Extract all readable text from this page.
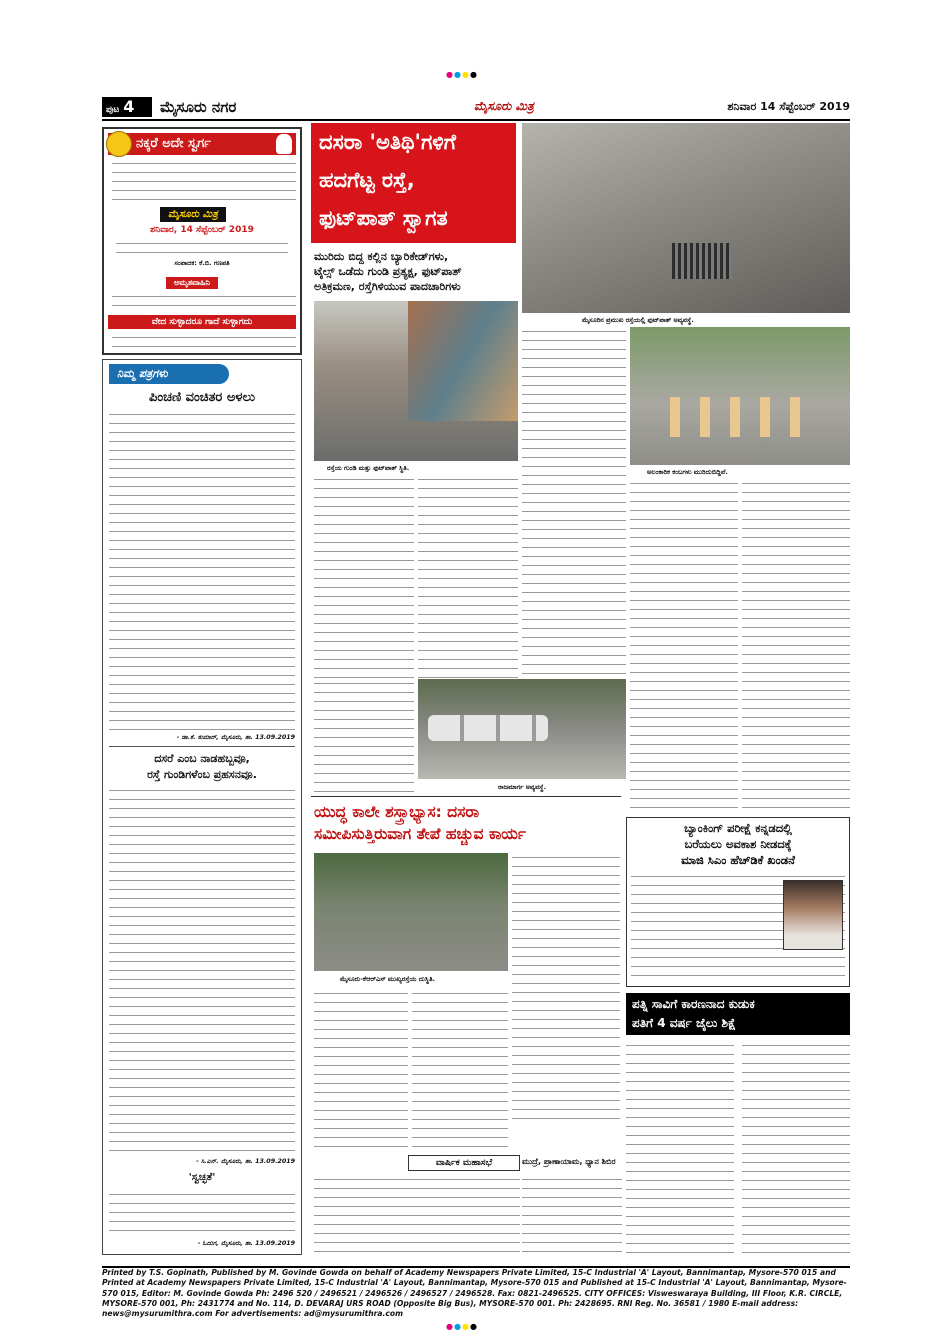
ಪುಟ 4	ಮೈಸೂರು ನಗರ	ಮೈಸೂರು ಮಿತ್ರ	ಶನಿವಾರ 14 ಸೆಪ್ಟೆಂಬರ್ 2019
ನಕ್ಕರೆ ಅದೇ ಸ್ವರ್ಗ
ಮೈಸೂರು ಮಿತ್ರ
ಶನಿವಾರ, 14 ಸೆಪ್ಟೆಂಬರ್ 2019
ಸಂಪಾದಕ: ಕೆ.ಬಿ. ಗಣಪತಿ
ಅಮೃತವಾಹಿನಿ
ವೇದ ಸುಳ್ಳಾದರೂ ಗಾದೆ ಸುಳ್ಳಾಗದು
ನಿಮ್ಮ ಪತ್ರಗಳು
ಪಿಂಚಣಿ ವಂಚಿತರ ಅಳಲು
- ಡಾ.ಕೆ. ಕುಮಾರ್, ಮೈಸೂರು, ತಾ. 13.09.2019
ದಸರೆ ಎಂಬ ನಾಡಹಬ್ಬವೂ,
ರಸ್ತೆ ಗುಂಡಿಗಳೆಂಬ ಪ್ರಹಸನವೂ.
- ಸಿ.ಎನ್. ಮೈಸೂರು, ತಾ. 13.09.2019
'ಸ್ವಚ್ಛತೆ'
- ಓದುಗ, ಮೈಸೂರು, ತಾ. 13.09.2019
ದಸರಾ 'ಅತಿಥಿ'ಗಳಿಗೆ
ಹದಗೆಟ್ಟ ರಸ್ತೆ,
ಫುಟ್‌ಪಾತ್ ಸ್ವಾಗತ
ಮೈಸೂರಿನ ಪ್ರಮುಖ ರಸ್ತೆಯಲ್ಲಿ ಫುಟ್‌ಪಾತ್ ಅವ್ಯವಸ್ಥೆ.
ಮುರಿದು ಬಿದ್ದ ಕಲ್ಲಿನ ಬ್ಯಾರಿಕೇಡ್‌ಗಳು,
ಟೈಲ್ಸ್ ಒಡೆದು ಗುಂಡಿ ಪ್ರತ್ಯಕ್ಷ, ಫುಟ್‌ಪಾತ್
ಅತಿಕ್ರಮಣ, ರಸ್ತೆಗಿಳಿಯುವ ಪಾದಚಾರಿಗಳು
ರಸ್ತೆಯ ಗುಂಡಿ ಮತ್ತು ಫುಟ್‌ಪಾತ್ ಸ್ಥಿತಿ.	ಅಲಂಕಾರಿಕ ಕಂಬಗಳು ಮುರಿದುಬಿದ್ದಿವೆ.
ರಾಜಮಾರ್ಗ ಅವ್ಯವಸ್ಥೆ.
ಯುದ್ಧ ಕಾಲೇ ಶಸ್ತ್ರಾಭ್ಯಾಸ: ದಸರಾ
ಸಮೀಪಿಸುತ್ತಿರುವಾಗ ತೇಪೆ ಹಚ್ಚುವ ಕಾರ್ಯ
ಮೈಸೂರು-ಕೆಆರ್‌ಎಸ್ ಮುಖ್ಯರಸ್ತೆಯ ದುಸ್ಥಿತಿ.
ಬ್ಯಾಂಕಿಂಗ್ ಪರೀಕ್ಷೆ ಕನ್ನಡದಲ್ಲಿ
ಬರೆಯಲು ಅವಕಾಶ ನೀಡದಕ್ಕೆ
ಮಾಜಿ ಸಿಎಂ ಹೆಚ್‌ಡಿಕೆ ಖಂಡನೆ
ಪತ್ನಿ ಸಾವಿಗೆ ಕಾರಣನಾದ ಕುಡುಕ
ಪತಿಗೆ 4 ವರ್ಷ ಜೈಲು ಶಿಕ್ಷೆ
ವಾರ್ಷಿಕ ಮಹಾಸಭೆ	ಮುದ್ರೆ, ಪ್ರಾಣಾಯಾಮ, ಧ್ಯಾನ ಶಿಬಿರ
●●●●
●●●●
Printed by T.S. Gopinath, Published by M. Govinde Gowda on behalf of Academy Newspapers Private Limited, 15-C Industrial 'A' Layout, Bannimantap, Mysore-570 015 and Printed at Academy Newspapers Private Limited, 15-C Industrial 'A' Layout, Bannimantap, Mysore-570 015 and Published at 15-C Industrial 'A' Layout, Bannimantap, Mysore-570 015, Editor: M. Govinde Gowda Ph: 2496 520 / 2496521 / 2496526 / 2496527 / 2496528. Fax: 0821-2496525. CITY OFFICES: Visweswaraya Building, III Floor, K.R. CIRCLE, MYSORE-570 001, Ph: 2431774 and No. 114, D. DEVARAJ URS ROAD (Opposite Big Bus), MYSORE-570 001. Ph: 2428695. RNI Reg. No. 36581 / 1980 E-mail address: news@mysurumithra.com For advertisements: ad@mysurumithra.com
